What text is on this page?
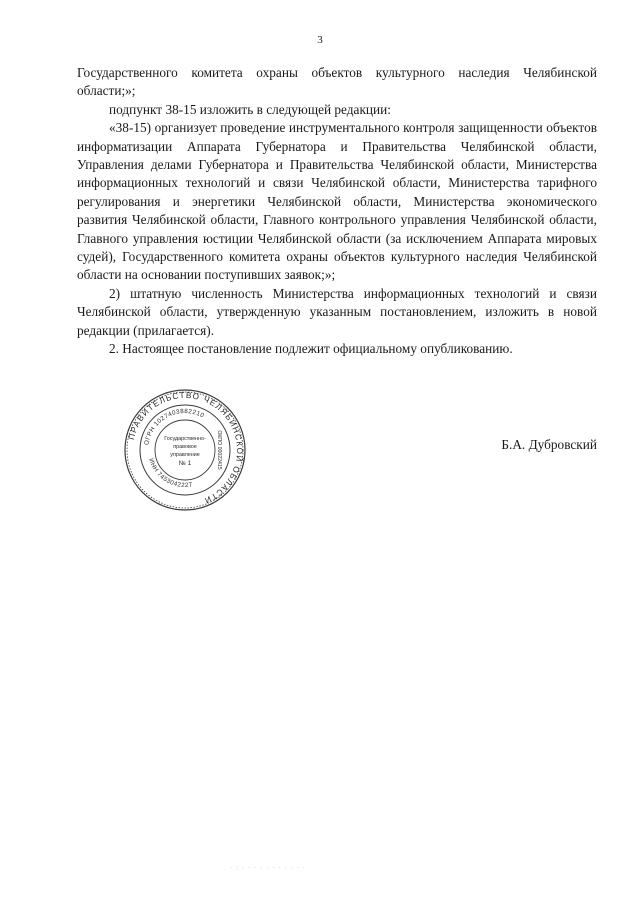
3

Государственного комитета охраны объектов культурного наследия Челябинской области;»;

подпункт 38-15 изложить в следующей редакции:

«38-15) организует проведение инструментального контроля защищенности объектов информатизации Аппарата Губернатора и Правительства Челябинской области, Управления делами Губернатора и Правительства Челябинской области, Министерства информационных технологий и связи Челябинской области, Министерства тарифного регулирования и энергетики Челябинской области, Министерства экономического развития Челябинской области, Главного контрольного управления Челябинской области, Главного управления юстиции Челябинской области (за исключением Аппарата мировых судей), Государственного комитета охраны объектов культурного наследия Челябинской области на основании поступивших заявок;»;

2) штатную численность Министерства информационных технологий и связи Челябинской области, утвержденную указанным постановлением, изложить в новой редакции (прилагается).

2. Настоящее постановление подлежит официальному опубликованию.

ПРАВИТЕЛЬСТВО ЧЕЛЯБИНСКОЙ ОБЛАСТИ
ОГРН 1027403882210
ИНН 7453042227
ОКПО 00022415
Государственно-
правовое
управление
№ 1
Б.А. Дубровский
· : · · · · · · · · · · ·
